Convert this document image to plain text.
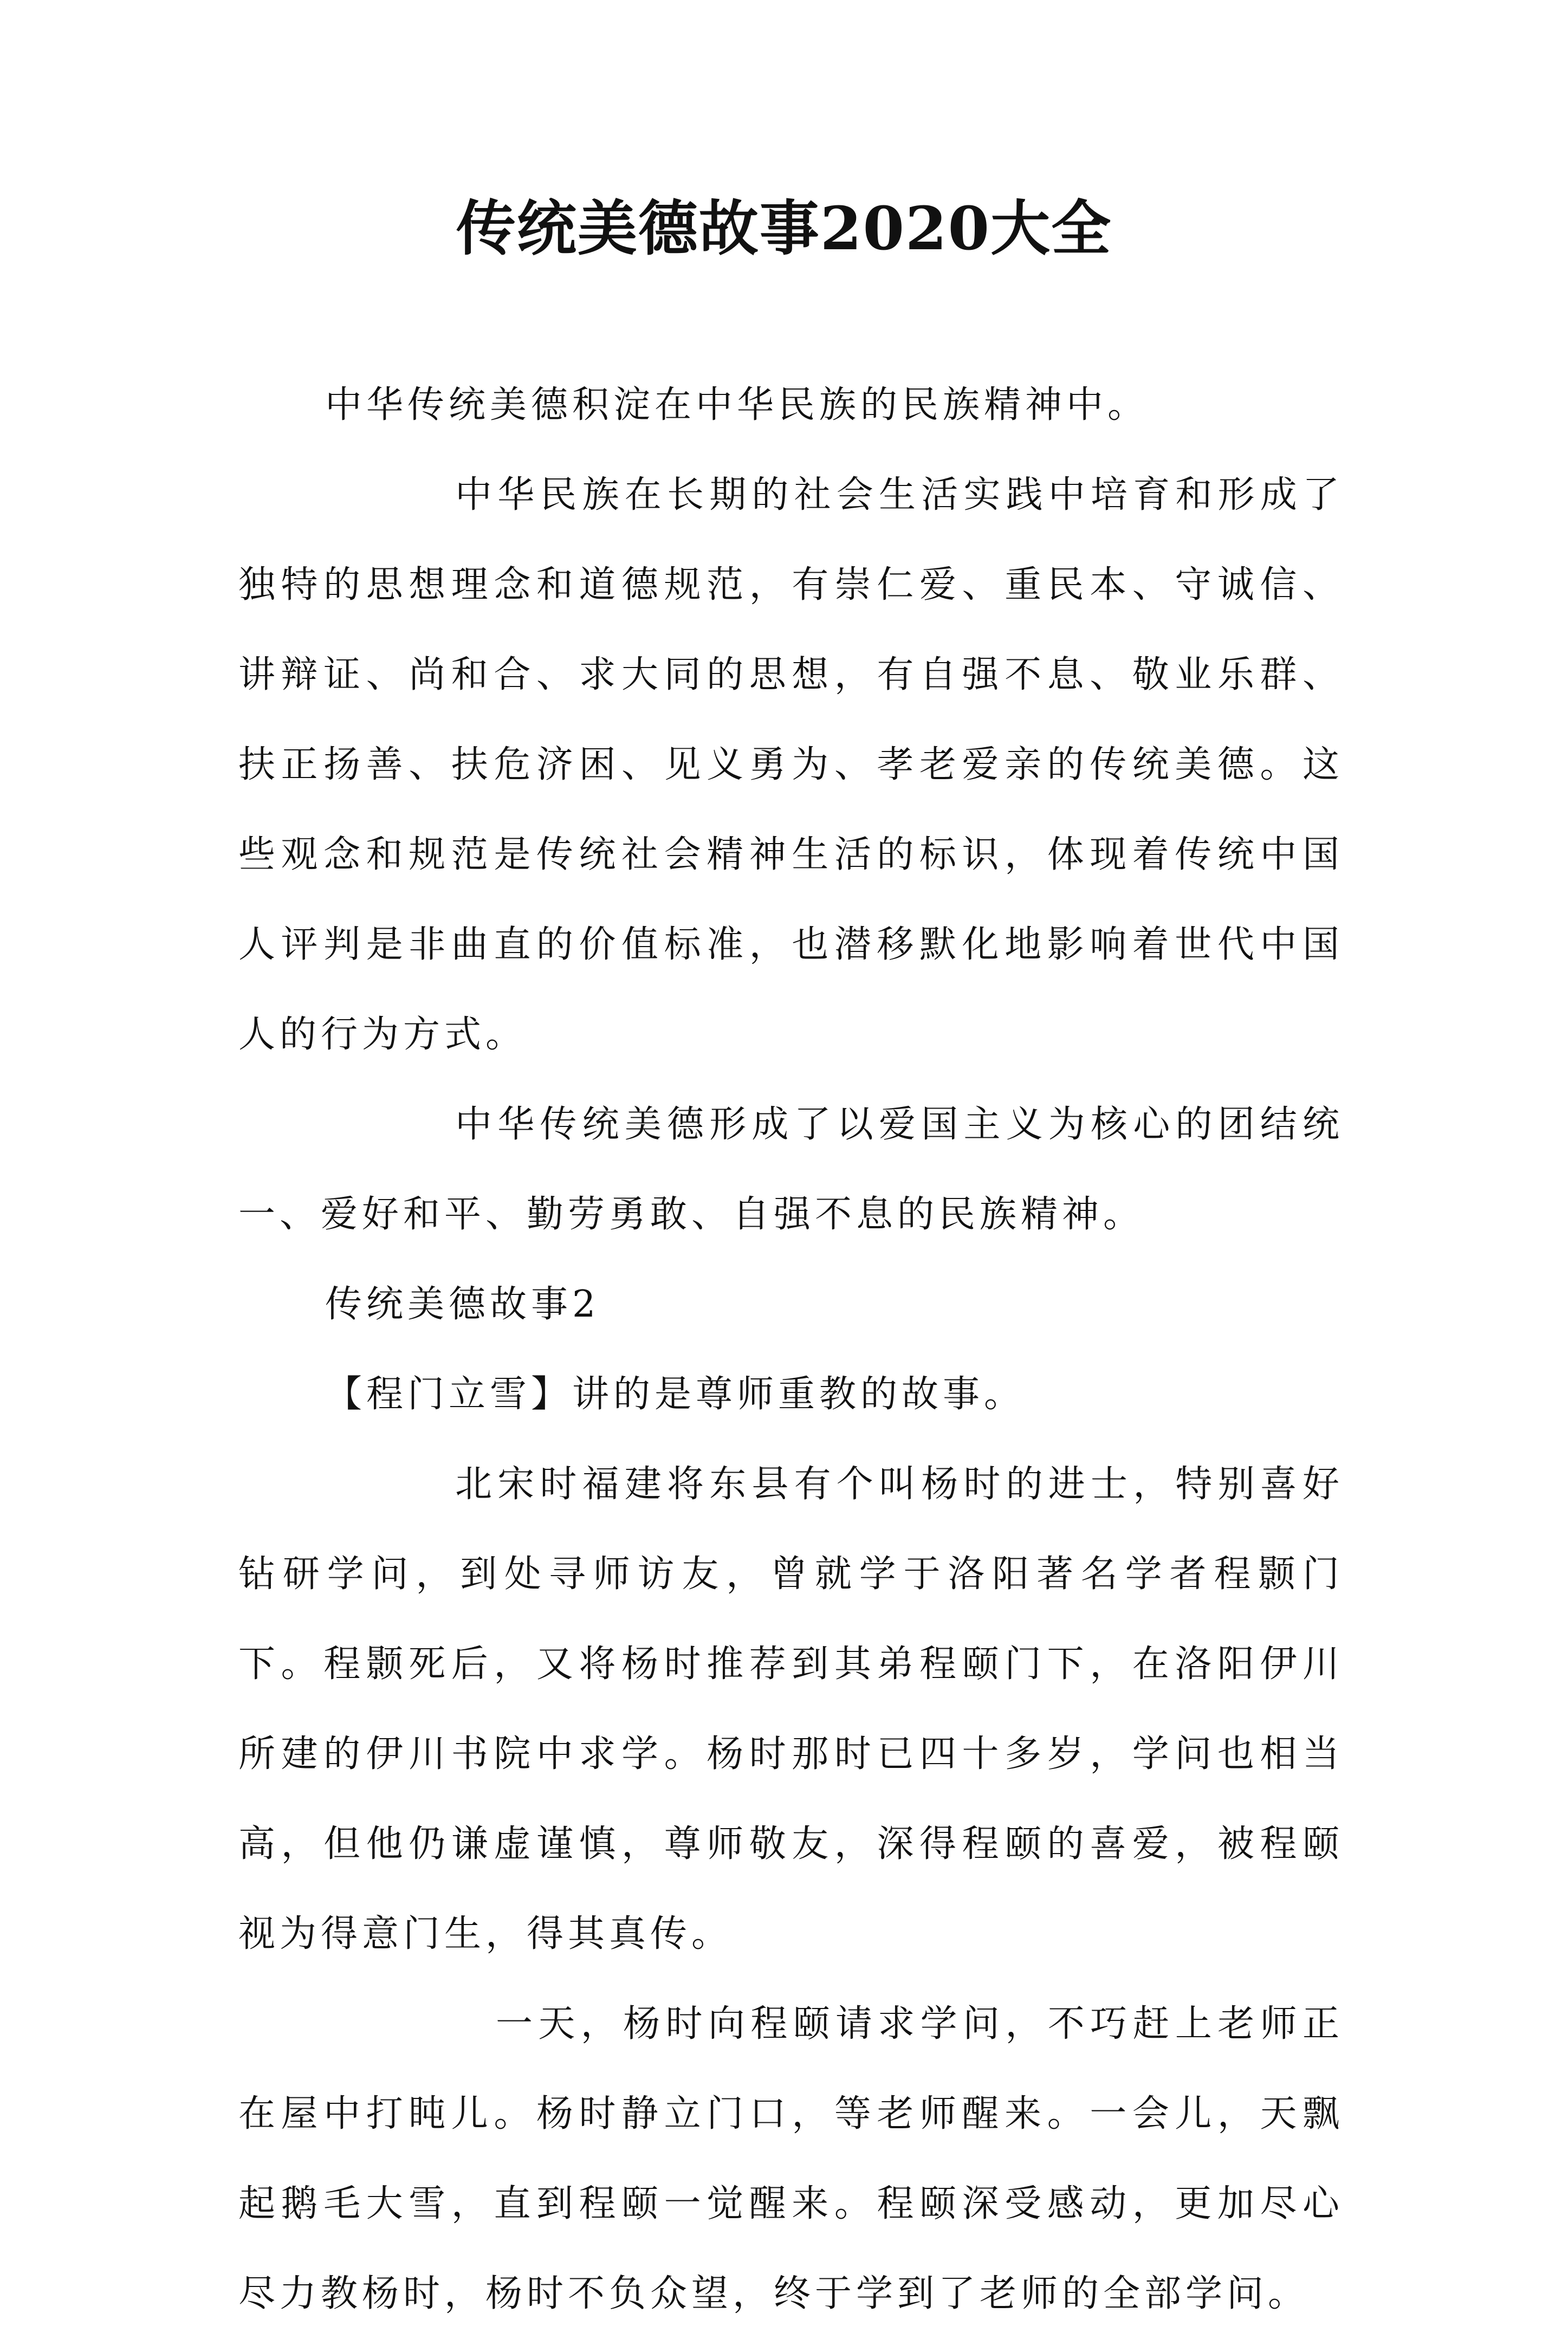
传统美德故事2020大全

中华传统美德积淀在中华民族的民族精神中。

中华民族在长期的社会生活实践中培育和形成了独特的思想理念和道德规范，有崇仁爱、重民本、守诚信、讲辩证、尚和合、求大同的思想，有自强不息、敬业乐群、扶正扬善、扶危济困、见义勇为、孝老爱亲的传统美德。这些观念和规范是传统社会精神生活的标识，体现着传统中国人评判是非曲直的价值标准，也潜移默化地影响着世代中国人的行为方式。

中华传统美德形成了以爱国主义为核心的团结统一、爱好和平、勤劳勇敢、自强不息的民族精神。

传统美德故事2

【程门立雪】讲的是尊师重教的故事。

北宋时福建将东县有个叫杨时的进士，特别喜好钻研学问，到处寻师访友，曾就学于洛阳著名学者程颢门下。程颢死后，又将杨时推荐到其弟程颐门下，在洛阳伊川所建的伊川书院中求学。杨时那时已四十多岁，学问也相当高，但他仍谦虚谨慎，尊师敬友，深得程颐的喜爱，被程颐视为得意门生，得其真传。

一天，杨时向程颐请求学问，不巧赶上老师正在屋中打盹儿。杨时静立门口，等老师醒来。一会儿，天飘起鹅毛大雪，直到程颐一觉醒来。程颐深受感动，更加尽心尽力教杨时，杨时不负众望，终于学到了老师的全部学问。
